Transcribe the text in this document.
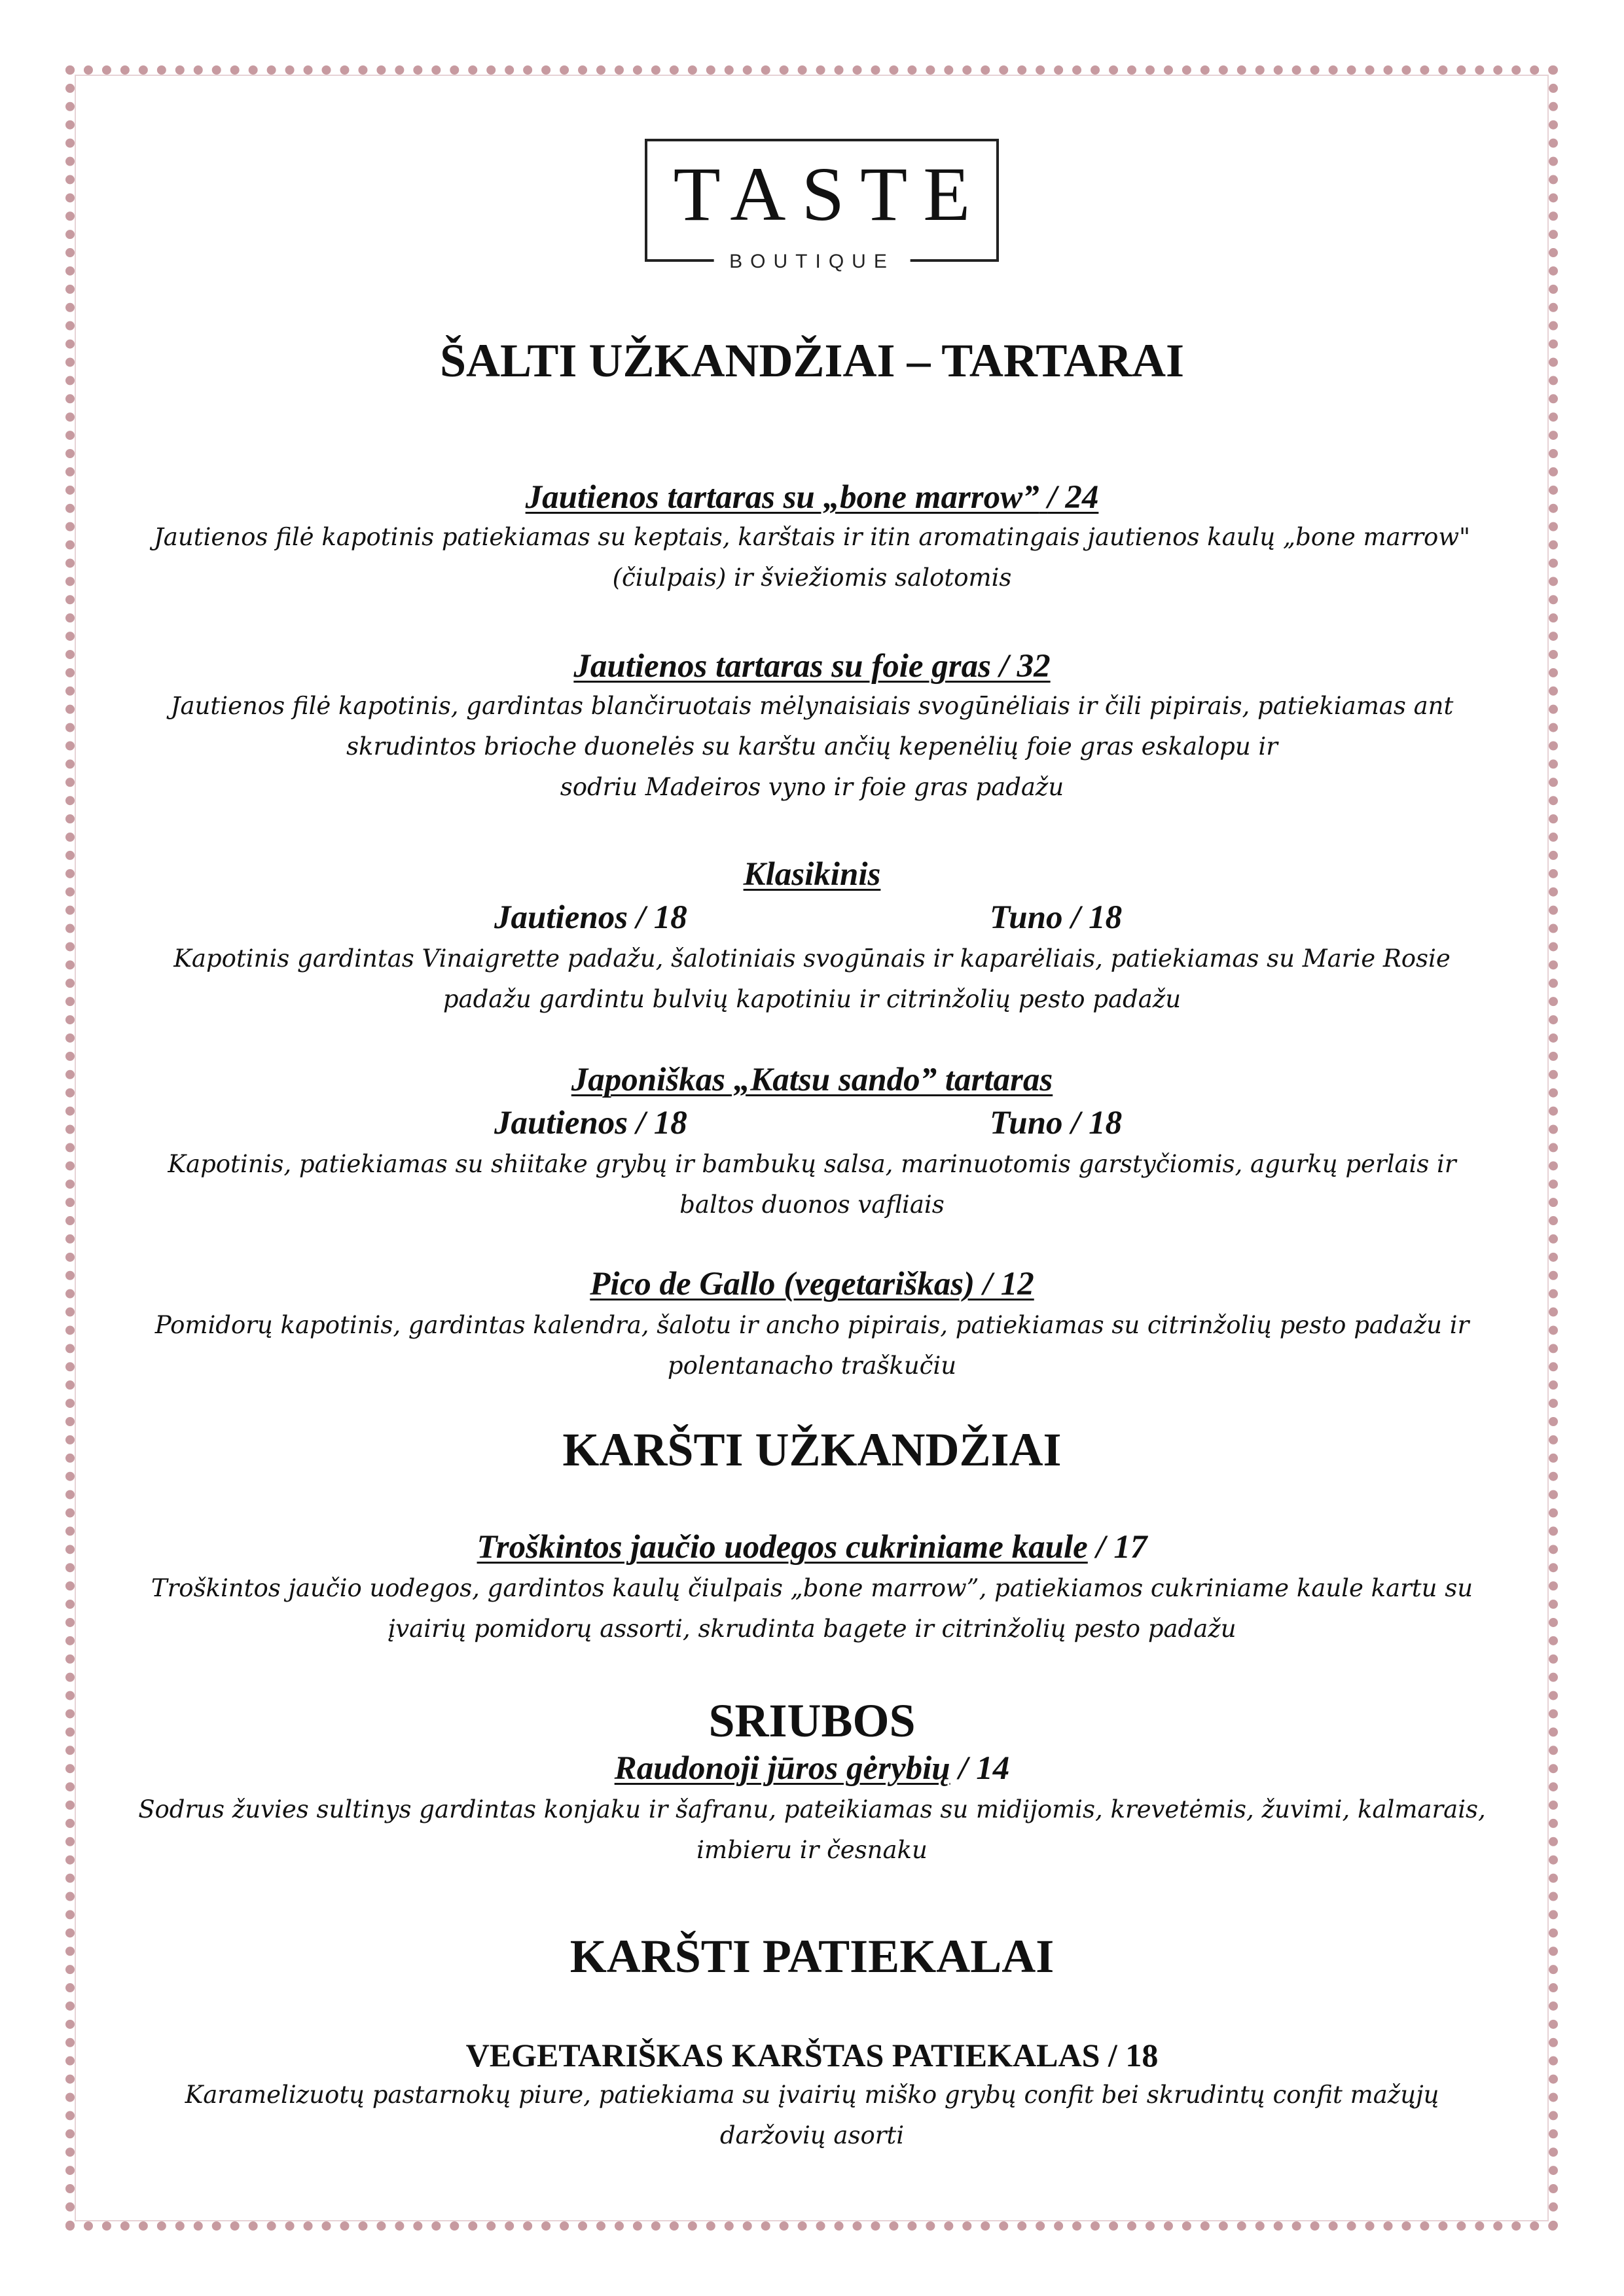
TASTE
BOUTIQUE
ŠALTI UŽKANDŽIAI – TARTARAI

Jautienos tartaras su „bone marrow” / 24

Jautienos filė kapotinis patiekiamas su keptais, karštais ir itin aromatingais jautienos kaulų „bone marrow"

(čiulpais) ir šviežiomis salotomis

Jautienos tartaras su foie gras / 32

Jautienos filė kapotinis, gardintas blančiruotais mėlynaisiais svogūnėliais ir čili pipirais, patiekiamas ant

skrudintos brioche duonelės su karštu ančių kepenėlių foie gras eskalopu ir

sodriu Madeiros vyno ir foie gras padažu

Klasikinis

Jautienos / 18	Tuno / 18

Kapotinis gardintas Vinaigrette padažu, šalotiniais svogūnais ir kaparėliais, patiekiamas su Marie Rosie

padažu gardintu bulvių kapotiniu ir citrinžolių pesto padažu

Japoniškas „Katsu sando” tartaras

Jautienos / 18	Tuno / 18

Kapotinis, patiekiamas su shiitake grybų ir bambukų salsa, marinuotomis garstyčiomis, agurkų perlais ir

baltos duonos vafliais

Pico de Gallo (vegetariškas) / 12

Pomidorų kapotinis, gardintas kalendra, šalotu ir ancho pipirais, patiekiamas su citrinžolių pesto padažu ir

polentanacho traškučiu

KARŠTI UŽKANDŽIAI

Troškintos jaučio uodegos cukriniame kaule / 17

Troškintos jaučio uodegos, gardintos kaulų čiulpais „bone marrow”, patiekiamos cukriniame kaule kartu su

įvairių pomidorų assorti, skrudinta bagete ir citrinžolių pesto padažu

SRIUBOS

Raudonoji jūros gėrybių / 14

Sodrus žuvies sultinys gardintas konjaku ir šafranu, pateikiamas su midijomis, krevetėmis, žuvimi, kalmarais,

imbieru ir česnaku

KARŠTI PATIEKALAI

VEGETARIŠKAS KARŠTAS PATIEKALAS / 18

Karamelizuotų pastarnokų piure, patiekiama su įvairių miško grybų confit bei skrudintų confit mažųjų

daržovių asorti
